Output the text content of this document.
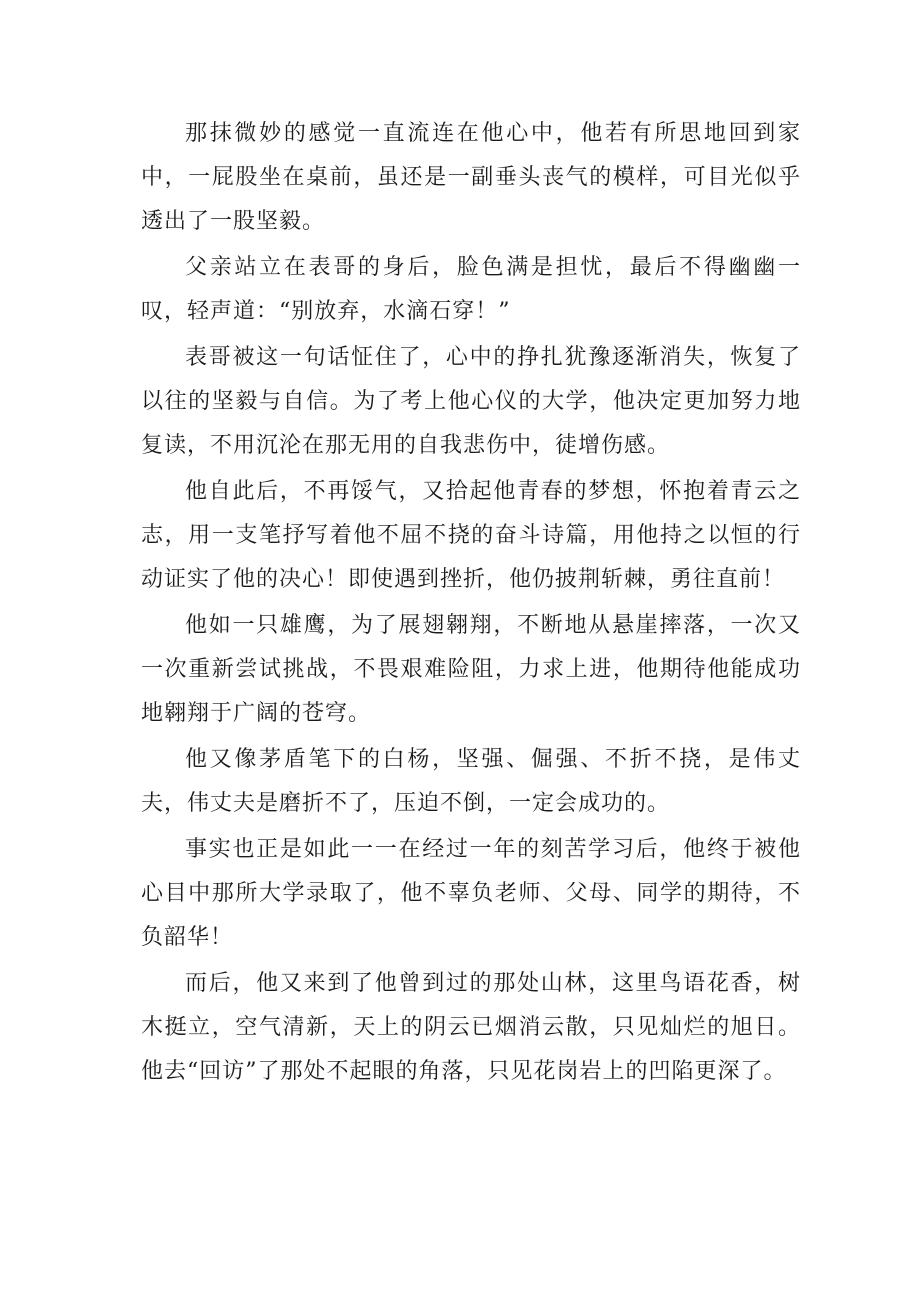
那抹微妙的感觉一直流连在他心中，他若有所思地回到家中，一屁股坐在桌前，虽还是一副垂头丧气的模样，可目光似乎透出了一股坚毅。

父亲站立在表哥的身后，脸色满是担忧，最后不得幽幽一叹，轻声道：“别放弃，水滴石穿！”

表哥被这一句话怔住了，心中的挣扎犹豫逐渐消失，恢复了以往的坚毅与自信。为了考上他心仪的大学，他决定更加努力地复读，不用沉沦在那无用的自我悲伤中，徒增伤感。

他自此后，不再馁气，又拾起他青春的梦想，怀抱着青云之志，用一支笔抒写着他不屈不挠的奋斗诗篇，用他持之以恒的行动证实了他的决心！即使遇到挫折，他仍披荆斩棘，勇往直前！

他如一只雄鹰，为了展翅翱翔，不断地从悬崖摔落，一次又一次重新尝试挑战，不畏艰难险阻，力求上进，他期待他能成功地翱翔于广阔的苍穹。

他又像茅盾笔下的白杨，坚强、倔强、不折不挠，是伟丈夫，伟丈夫是磨折不了，压迫不倒，一定会成功的。

事实也正是如此一一在经过一年的刻苦学习后，他终于被他心目中那所大学录取了，他不辜负老师、父母、同学的期待，不负韶华！

而后，他又来到了他曾到过的那处山林，这里鸟语花香，树木挺立，空气清新，天上的阴云已烟消云散，只见灿烂的旭日。他去“回访”了那处不起眼的角落，只见花岗岩上的凹陷更深了。
